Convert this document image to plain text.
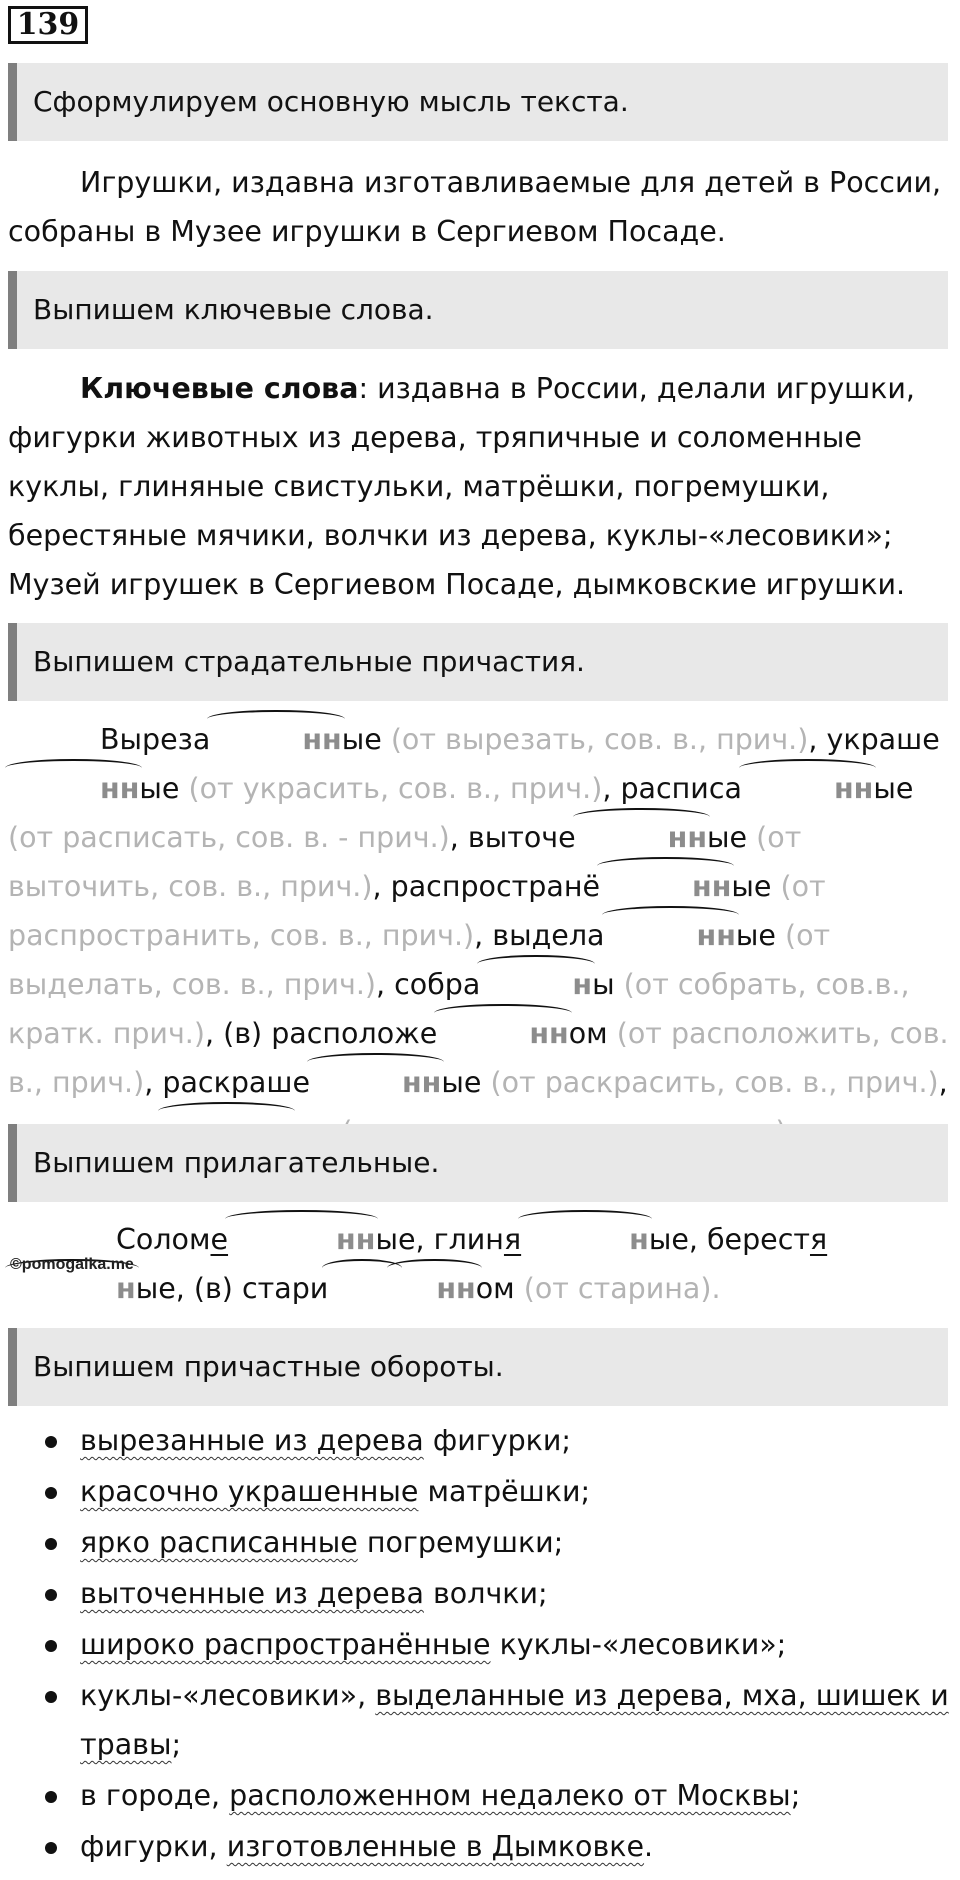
139
Сформулируем основную мысль текста.

Игрушки, издавна изготавливаемые для детей в России, собраны в Музее игрушки в Сергиевом Посаде.

Выпишем ключевые слова.

Ключевые слова: издавна в России, делали игрушки, фигурки животных из дерева, тряпичные и соломенные куклы, глиняные свистульки, матрёшки, погремушки, берестяные мячики, волчки из дерева, куклы-«лесовики»; Музей игрушек в Сергиевом Посаде, дымковские игрушки.

Выпишем страдательные причастия.

Выреза	нные (от вырезать, сов. в., прич.), украшенные (от украсить, сов. в., прич.), расписа	нные (от расписать, сов. в. - прич.), выточе	нные (от выточить, сов. в., прич.), распространё	нные (от распространить, сов. в., прич.), выдела	нные (от выделать, сов. в., прич.), собра	ны (от собрать, сов.в., кратк. прич.), (в) расположе	нном (от расположить, сов. в., прич.), раскраше	нные (от раскрасить, сов. в., прич.),

Выпишем прилагательные.

Соломе	нные, глиня	ные, берестяные, (в) стари	нном (от старина).

©pomogalka.me
Выпишем причастные обороты.
вырезанные из дерева фигурки;
красочно украшенные матрёшки;
ярко расписанные погремушки;
выточенные из дерева волчки;
широко распространённые куклы-«лесовики»;
куклы-«лесовики», выделанные из дерева, мха, шишек и травы;
в городе, расположенном недалеко от Москвы;
фигурки, изготовленные в Дымковке.
